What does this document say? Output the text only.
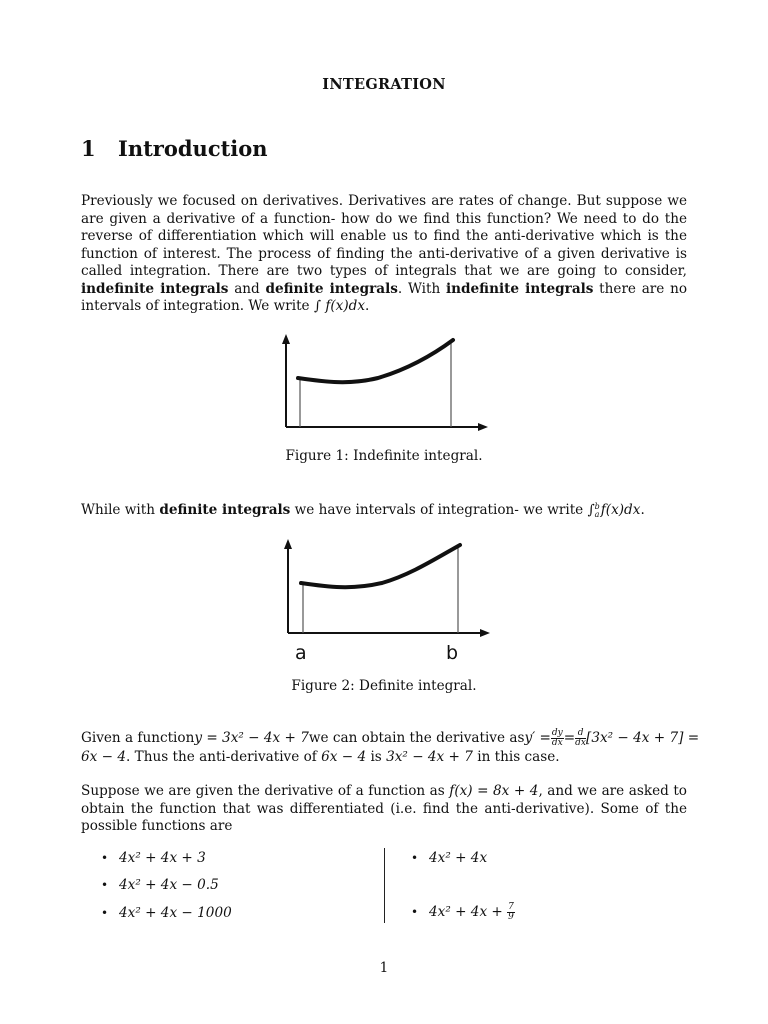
INTEGRATION
1 Introduction
Previously we focused on derivatives. Derivatives are rates of change. But suppose we are given a derivative of a function- how do we find this function? We need to do the reverse of differentiation which will enable us to find the anti-derivative which is the function of interest. The process of finding the anti-derivative of a given derivative is called integration. There are two types of integrals that we are going to consider, indefinite integrals and definite integrals. With indefinite integrals there are no intervals of integration. We write ∫ f(x)dx.
Figure 1: Indefinite integral.
While with definite integrals we have intervals of integration- we write ∫ b
a f(x)dx.
a	b
Figure 2: Definite integral.
Given a function y = 3x² − 4x + 7 we can obtain the derivative as $y' = \frac{dy}{dx} = \frac{d}{dx} [3x^2 - 4x + 7]$ =
6x − 4. Thus the anti-derivative of 6x − 4 is 3x² − 4x + 7 in this case.
Suppose we are given the derivative of a function as f(x) = 8x + 4, and we are asked to obtain the function that was differentiated (i.e. find the anti-derivative). Some of the possible functions are
• 4x² + 4x + 3
• 4x² + 4x − 0.5
• 4x² + 4x − 1000
• 4x² + 4x
• $4x^2 + 4x + \frac{7}{9}$
1
